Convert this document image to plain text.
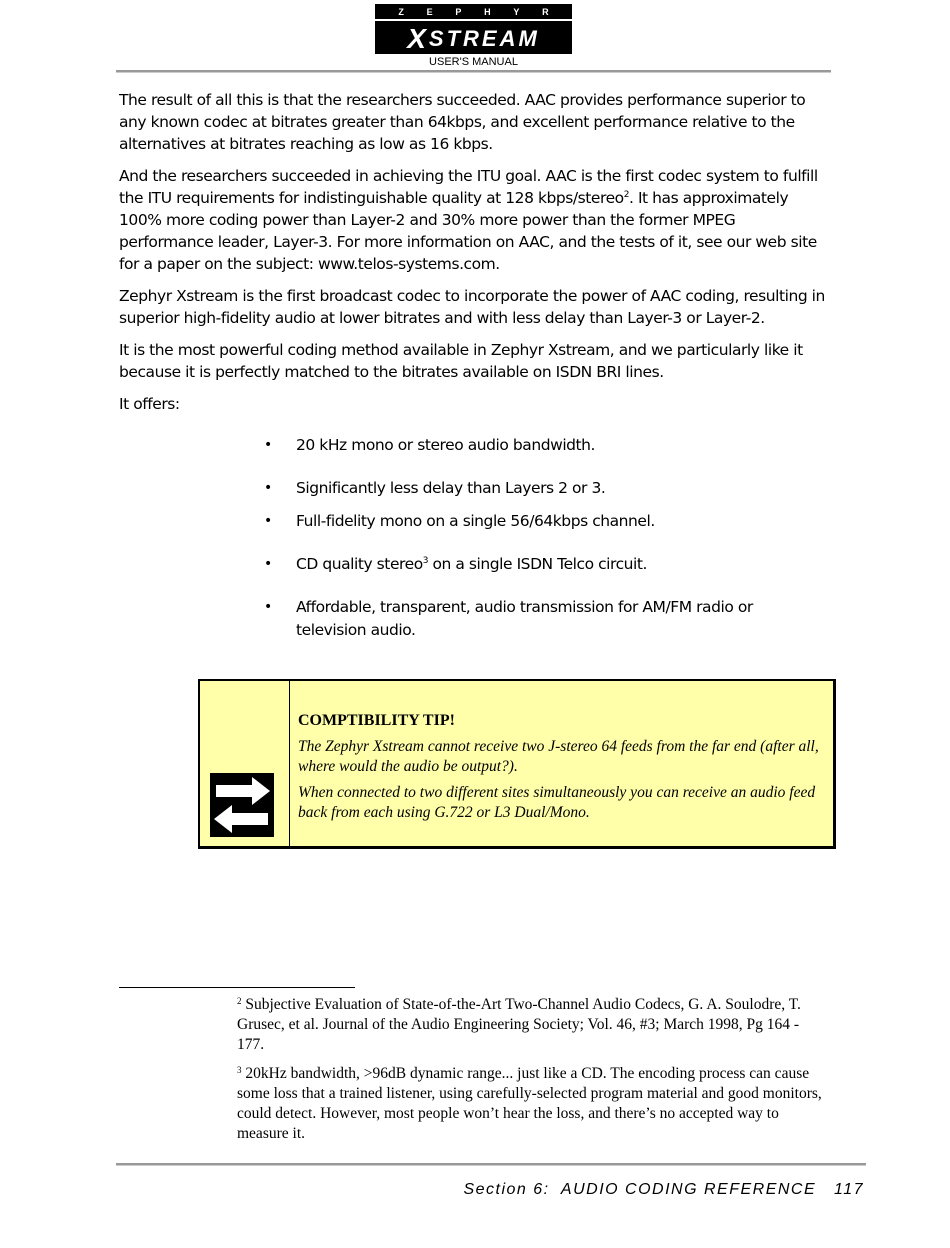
Z	E	P	H	Y	R
X STREAM
USER'S MANUAL

The result of all this is that the researchers succeeded. AAC provides performance superior to any known codec at bitrates greater than 64kbps, and excellent performance relative to the alternatives at bitrates reaching as low as 16 kbps.

And the researchers succeeded in achieving the ITU goal. AAC is the first codec system to fulfill the ITU requirements for indistinguishable quality at 128 kbps/stereo$^2$. It has approximately 100% more coding power than Layer-2 and 30% more power than the former MPEG performance leader, Layer-3. For more information on AAC, and the tests of it, see our web site for a paper on the subject: www.telos-systems.com.

Zephyr Xstream is the first broadcast codec to incorporate the power of AAC coding, resulting in superior high-fidelity audio at lower bitrates and with less delay than Layer-3 or Layer-2.

It is the most powerful coding method available in Zephyr Xstream, and we particularly like it because it is perfectly matched to the bitrates available on ISDN BRI lines.

It offers:

• 20 kHz mono or stereo audio bandwidth.
• Significantly less delay than Layers 2 or 3.
• Full-fidelity mono on a single 56/64kbps channel.
• CD quality stereo$^3$ on a single ISDN Telco circuit.
• Affordable, transparent, audio transmission for AM/FM radio or television audio.
COMPTIBILITY TIP!

The Zephyr Xstream cannot receive two J-stereo 64 feeds from the far end (after all, where would the audio be output?).

When connected to two different sites simultaneously you can receive an audio feed back from each using G.722 or L3 Dual/Mono.

$^2$ Subjective Evaluation of State-of-the-Art Two-Channel Audio Codecs, G. A. Soulodre, T. Grusec, et al. Journal of the Audio Engineering Society; Vol. 46, #3; March 1998, Pg 164 - 177.

$^3$ 20kHz bandwidth, >96dB dynamic range... just like a CD. The encoding process can cause some loss that a trained listener, using carefully-selected program material and good monitors, could detect. However, most people won’t hear the loss, and there’s no accepted way to measure it.

Section 6:  AUDIO CODING REFERENCE   117
